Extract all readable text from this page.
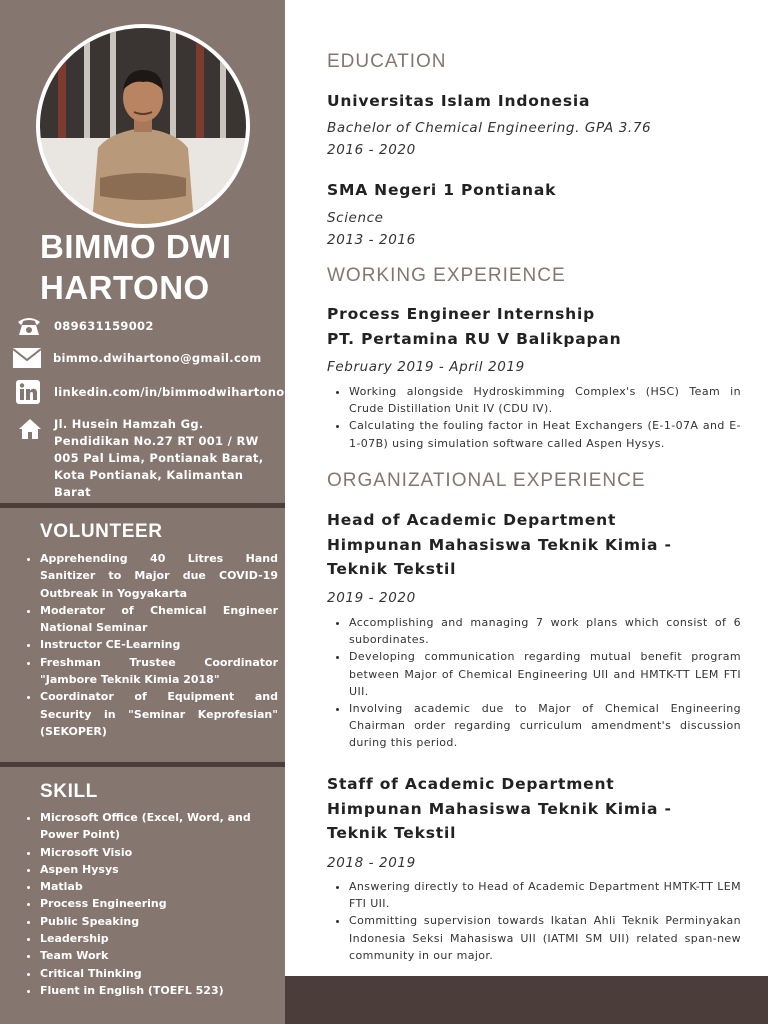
BIMMO DWI
HARTONO
089631159002
bimmo.dwihartono@gmail.com
linkedin.com/in/bimmodwihartono
Jl. Husein Hamzah Gg. Pendidikan No.27 RT 001 / RW 005 Pal Lima, Pontianak Barat, Kota Pontianak, Kalimantan Barat
VOLUNTEER
• Apprehending 40 Litres Hand Sanitizer to Major due COVID-19 Outbreak in Yogyakarta
• Moderator of Chemical Engineer National Seminar
• Instructor CE-Learning
• Freshman Trustee Coordinator "Jambore Teknik Kimia 2018"
• Coordinator of Equipment and Security in "Seminar Keprofesian" (SEKOPER)
SKILL
• Microsoft Office (Excel, Word, and Power Point)
• Microsoft Visio
• Aspen Hysys
• Matlab
• Process Engineering
• Public Speaking
• Leadership
• Team Work
• Critical Thinking
• Fluent in English (TOEFL 523)
EDUCATION
Universitas Islam Indonesia
Bachelor of Chemical Engineering. GPA 3.76
2016 - 2020
SMA Negeri 1 Pontianak
Science
2013 - 2016
WORKING EXPERIENCE
Process Engineer Internship
PT. Pertamina RU V Balikpapan
February 2019 - April 2019
• Working alongside Hydroskimming Complex's (HSC) Team in Crude Distillation Unit IV (CDU IV).
• Calculating the fouling factor in Heat Exchangers (E-1-07A and E-1-07B) using simulation software called Aspen Hysys.
ORGANIZATIONAL EXPERIENCE
Head of Academic Department
Himpunan Mahasiswa Teknik Kimia -
Teknik Tekstil
2019 - 2020
• Accomplishing and managing 7 work plans which consist of 6 subordinates.
• Developing communication regarding mutual benefit program between Major of Chemical Engineering UII and HMTK-TT LEM FTI UII.
• Involving academic due to Major of Chemical Engineering Chairman order regarding curriculum amendment's discussion during this period.
Staff of Academic Department
Himpunan Mahasiswa Teknik Kimia -
Teknik Tekstil
2018 - 2019
• Answering directly to Head of Academic Department HMTK-TT LEM FTI UII.
• Committing supervision towards Ikatan Ahli Teknik Perminyakan Indonesia Seksi Mahasiswa UII (IATMI SM UII) related span-new community in our major.
